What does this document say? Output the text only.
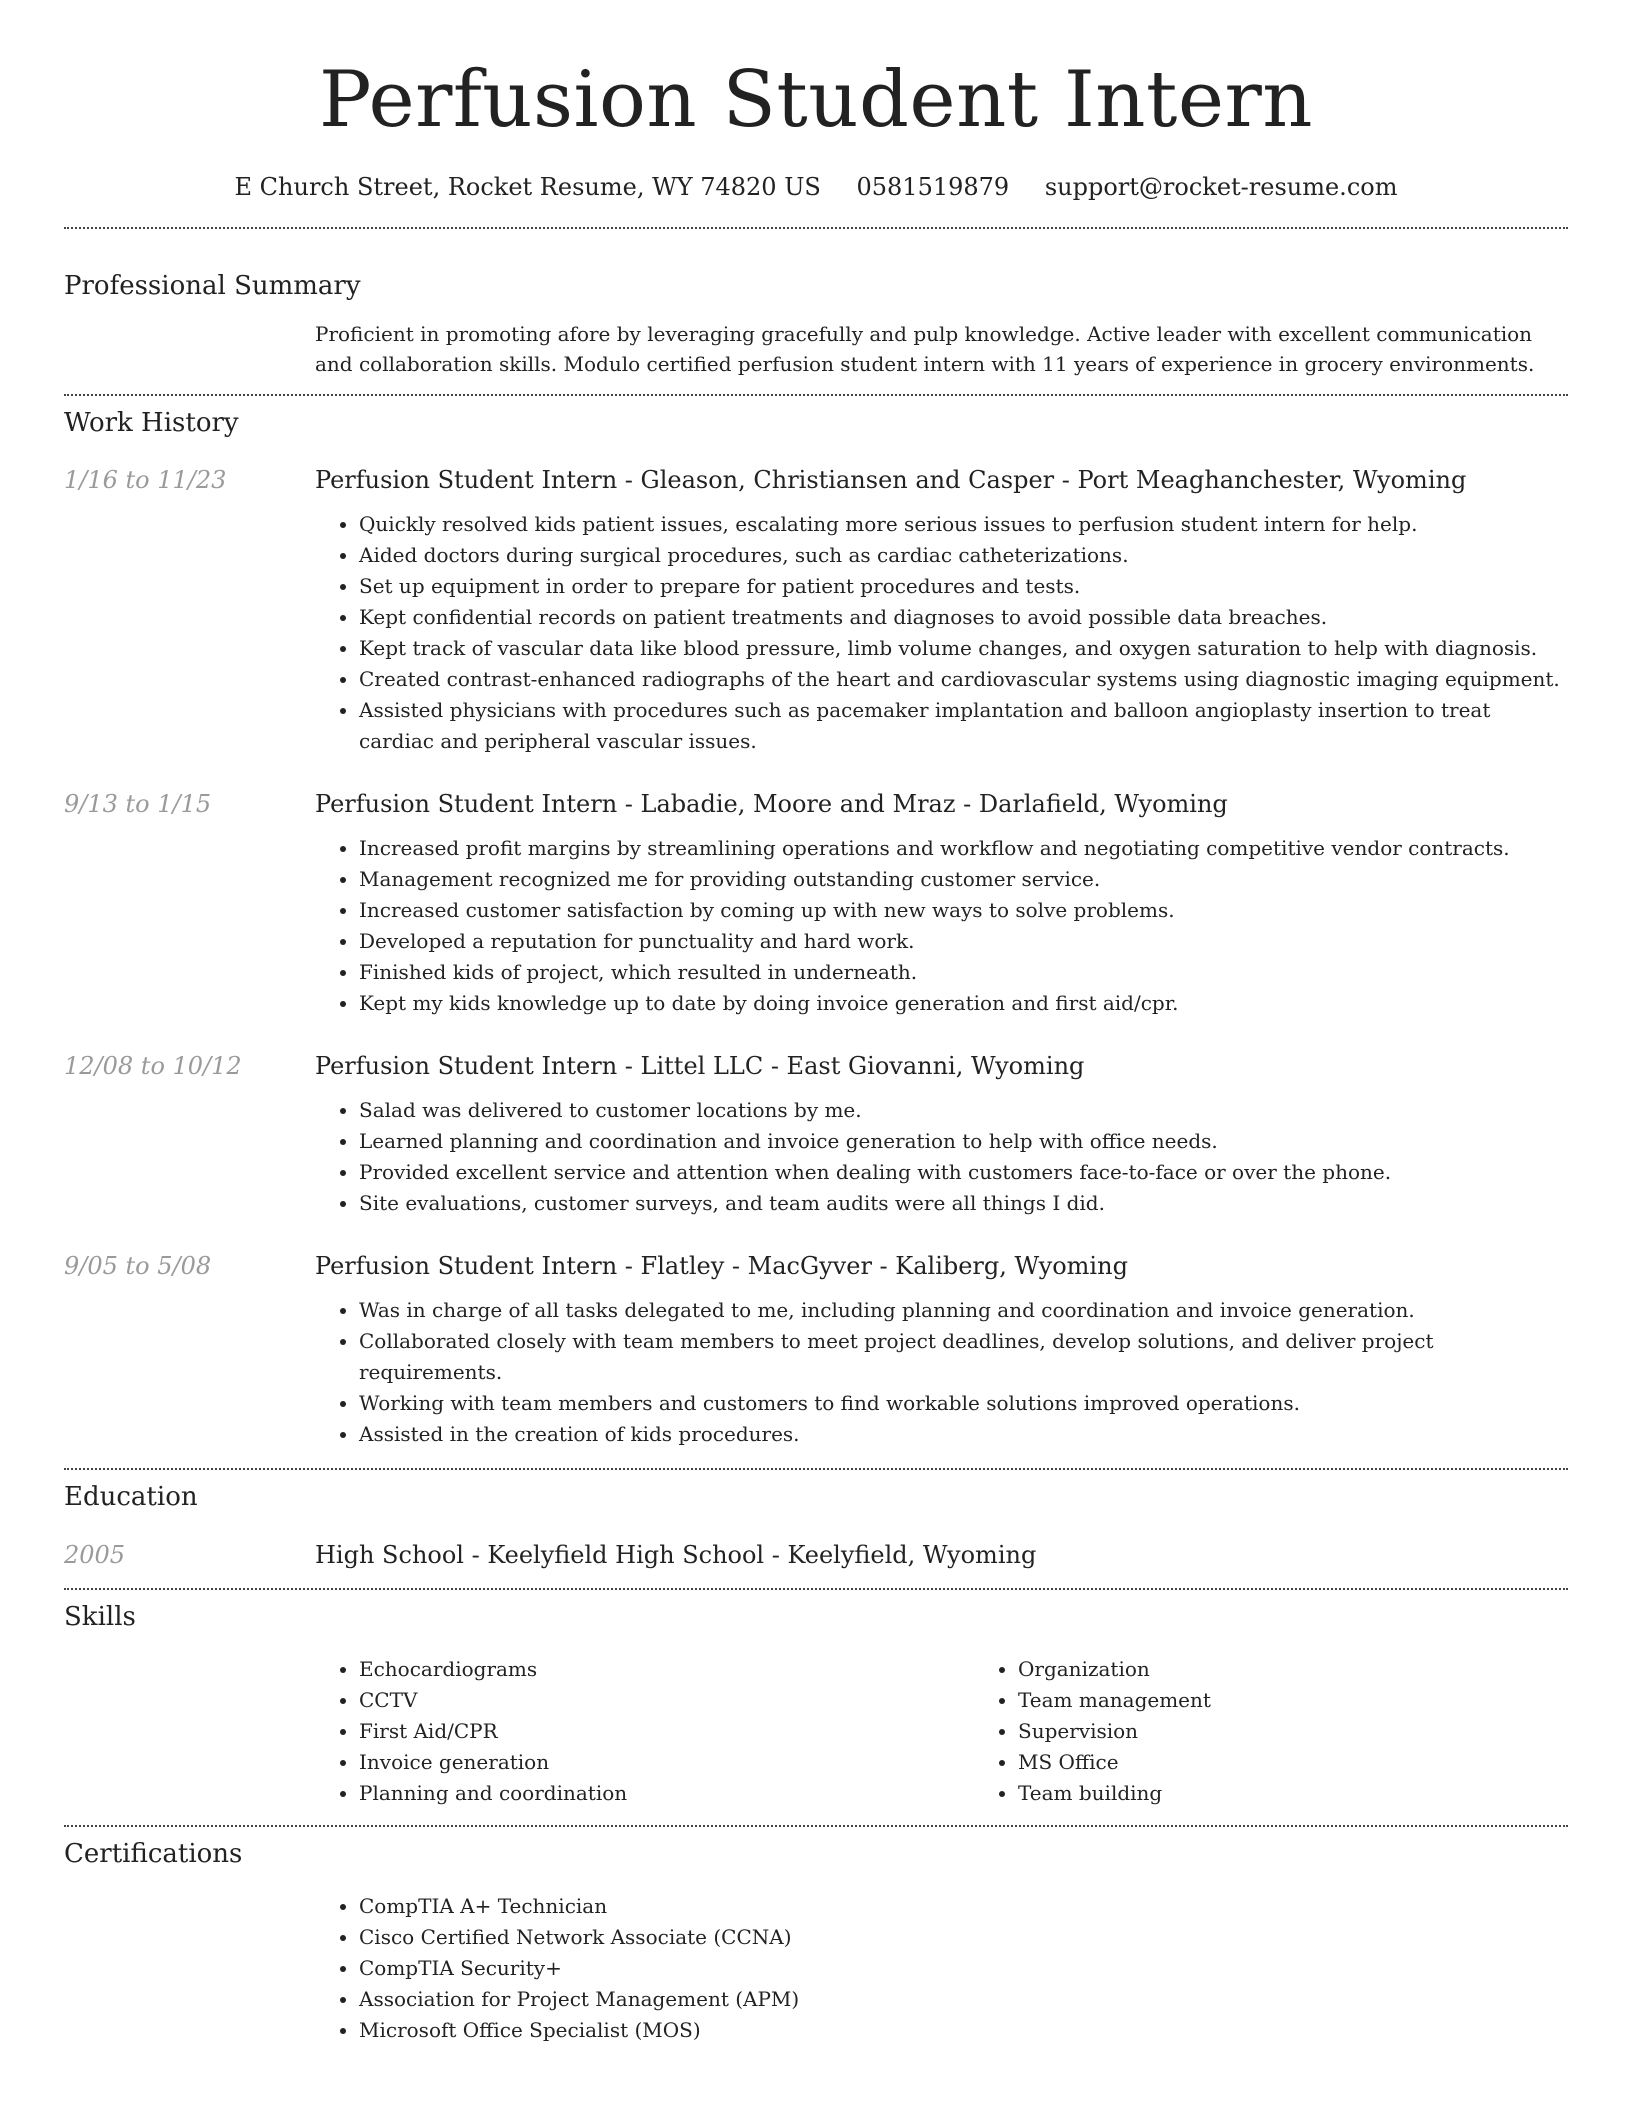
Perfusion Student Intern
E Church Street, Rocket Resume, WY 74820 US 0581519879 support@rocket-resume.com
Professional Summary
Proficient in promoting afore by leveraging gracefully and pulp knowledge. Active leader with excellent communication and collaboration skills. Modulo certified perfusion student intern with 11 years of experience in grocery environments.
Work History
1/16 to 11/23	Perfusion Student Intern - Gleason, Christiansen and Casper - Port Meaghanchester, Wyoming
• Quickly resolved kids patient issues, escalating more serious issues to perfusion student intern for help.
• Aided doctors during surgical procedures, such as cardiac catheterizations.
• Set up equipment in order to prepare for patient procedures and tests.
• Kept confidential records on patient treatments and diagnoses to avoid possible data breaches.
• Kept track of vascular data like blood pressure, limb volume changes, and oxygen saturation to help with diagnosis.
• Created contrast-enhanced radiographs of the heart and cardiovascular systems using diagnostic imaging equipment.
• Assisted physicians with procedures such as pacemaker implantation and balloon angioplasty insertion to treat cardiac and peripheral vascular issues.
9/13 to 1/15	Perfusion Student Intern - Labadie, Moore and Mraz - Darlafield, Wyoming
• Increased profit margins by streamlining operations and workflow and negotiating competitive vendor contracts.
• Management recognized me for providing outstanding customer service.
• Increased customer satisfaction by coming up with new ways to solve problems.
• Developed a reputation for punctuality and hard work.
• Finished kids of project, which resulted in underneath.
• Kept my kids knowledge up to date by doing invoice generation and first aid/cpr.
12/08 to 10/12	Perfusion Student Intern - Littel LLC - East Giovanni, Wyoming
• Salad was delivered to customer locations by me.
• Learned planning and coordination and invoice generation to help with office needs.
• Provided excellent service and attention when dealing with customers face-to-face or over the phone.
• Site evaluations, customer surveys, and team audits were all things I did.
9/05 to 5/08	Perfusion Student Intern - Flatley - MacGyver - Kaliberg, Wyoming
• Was in charge of all tasks delegated to me, including planning and coordination and invoice generation.
• Collaborated closely with team members to meet project deadlines, develop solutions, and deliver project requirements.
• Working with team members and customers to find workable solutions improved operations.
• Assisted in the creation of kids procedures.
Education
2005	High School - Keelyfield High School - Keelyfield, Wyoming
Skills
• Echocardiograms
• CCTV
• First Aid/CPR
• Invoice generation
• Planning and coordination
• Organization
• Team management
• Supervision
• MS Office
• Team building
Certifications
• CompTIA A+ Technician
• Cisco Certified Network Associate (CCNA)
• CompTIA Security+
• Association for Project Management (APM)
• Microsoft Office Specialist (MOS)
